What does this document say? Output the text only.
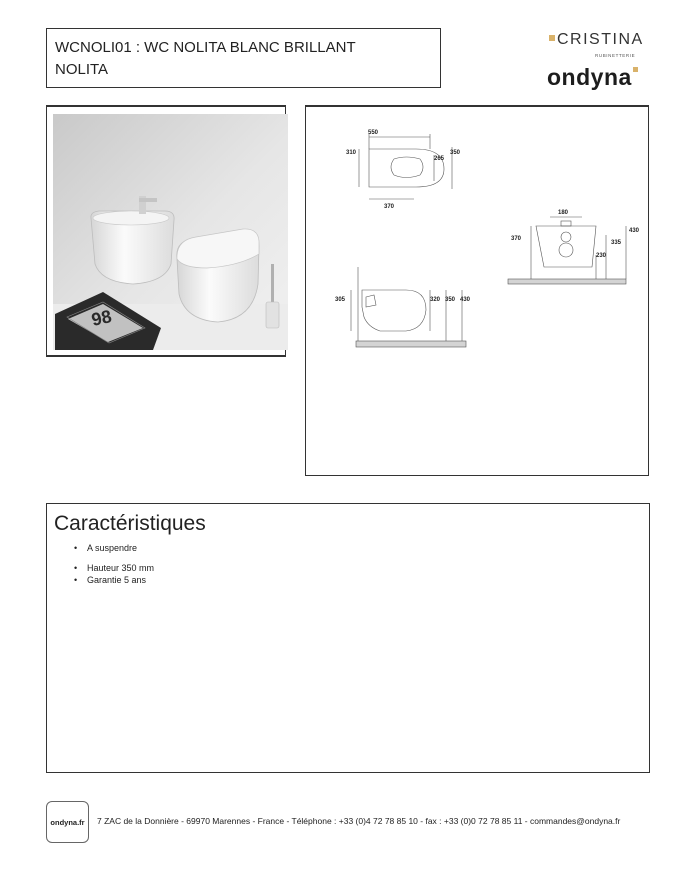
WCNOLI01 : WC NOLITA BLANC BRILLANT
NOLITA
CRISTINA
RUBINETTERIE
ondyna
98
550
310	350
265
370
180
370
430
335
230
305	320 350 430
Caractéristiques
• A suspendre
• Hauteur 350 mm
• Garantie 5 ans
ondyna.fr	7 ZAC de la Donnière - 69970 Marennes - France - Téléphone : +33 (0)4 72 78 85 10 - fax : +33 (0)0 72 78 85 11 - commandes@ondyna.fr
